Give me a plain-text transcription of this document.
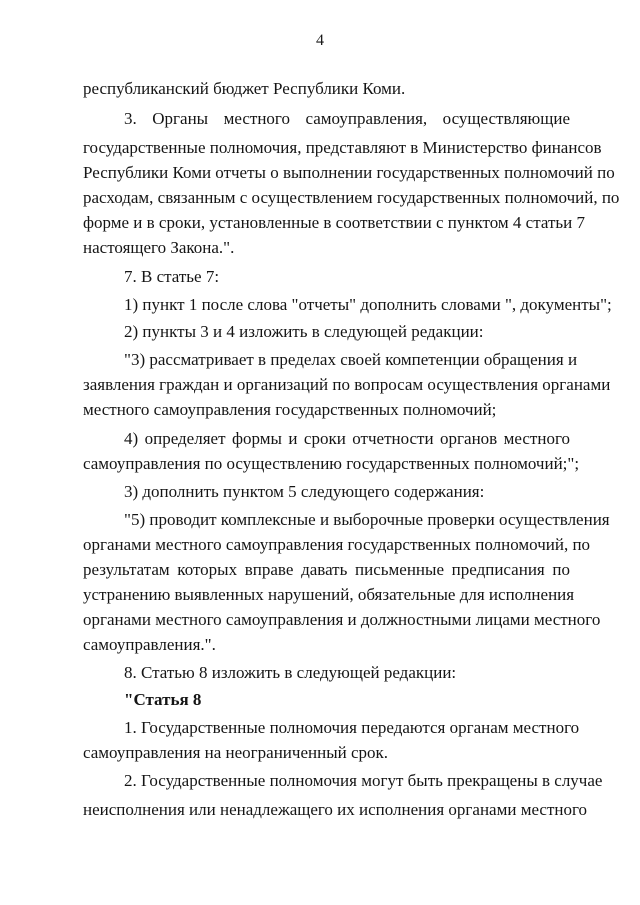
4
республиканский бюджет Республики Коми.
3. Органы местного самоуправления, осуществляющие
государственные полномочия, представляют в Министерство финансов
Республики Коми отчеты о выполнении государственных полномочий по
расходам, связанным с осуществлением государственных полномочий, по
форме и в сроки, установленные в соответствии с пунктом 4 статьи 7
настоящего Закона.".
7. В статье 7:
1) пункт 1 после слова "отчеты" дополнить словами ", документы";
2) пункты 3 и 4 изложить в следующей редакции:
"3) рассматривает в пределах своей компетенции обращения и
заявления граждан и организаций по вопросам осуществления органами
местного самоуправления государственных полномочий;
4) определяет формы и сроки отчетности органов местного
самоуправления по осуществлению государственных полномочий;";
3) дополнить пунктом 5 следующего содержания:
"5) проводит комплексные и выборочные проверки осуществления
органами местного самоуправления государственных полномочий, по
результатам которых вправе давать письменные предписания по
устранению выявленных нарушений, обязательные для исполнения
органами местного самоуправления и должностными лицами местного
самоуправления.".
8. Статью 8 изложить в следующей редакции:
"Статья 8
1. Государственные полномочия передаются органам местного
самоуправления на неограниченный срок.
2. Государственные полномочия могут быть прекращены в случае
неисполнения или ненадлежащего их исполнения органами местного
